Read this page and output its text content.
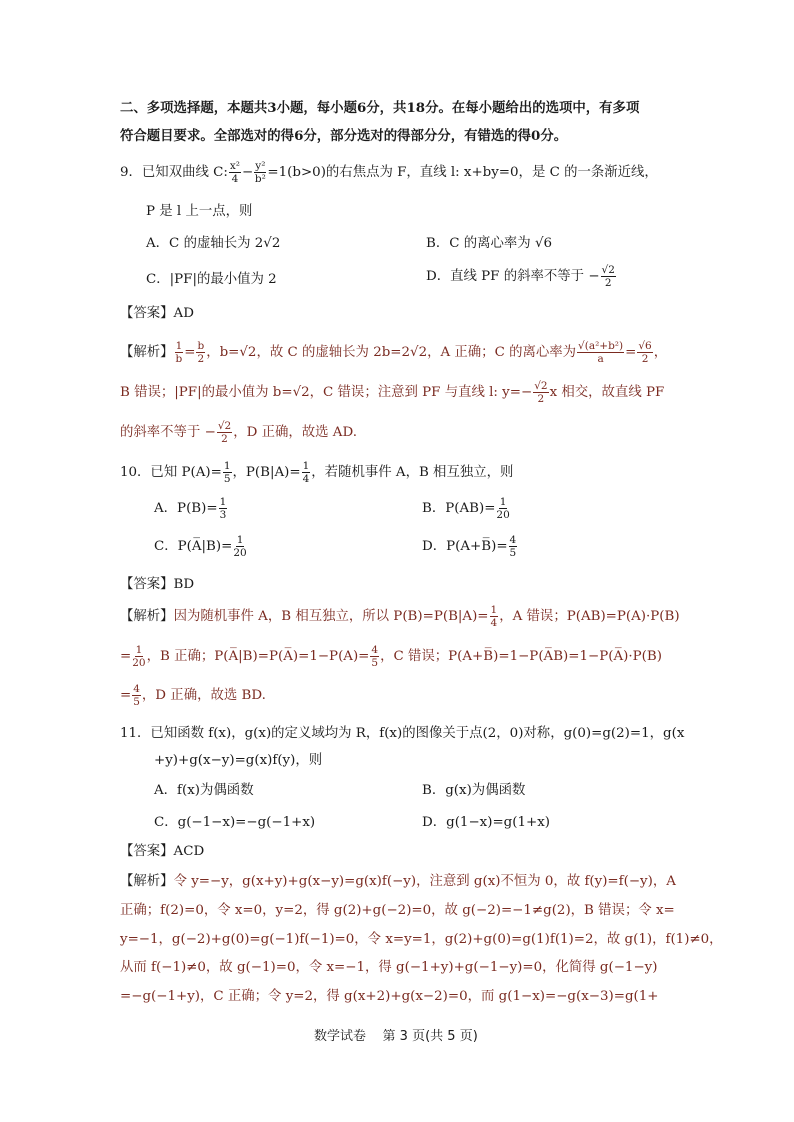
二、多项选择题，本题共3小题，每小题6分，共18分。在每小题给出的选项中，有多项
符合题目要求。全部选对的得6分，部分选对的得部分分，有错选的得0分。
9．已知双曲线 C: $\frac{\text{x²}}{4} - \frac{\text{y²}}{\text{b²}} =1(b>0)$的右焦点为 F，直线 l: x+by=0，是 C 的一条渐近线，
P 是 l 上一点，则
A．C 的虚轴长为 2√2	B．C 的离心率为 √6
C．|PF|的最小值为 2	D．直线 PF 的斜率不等于 − $\frac{√2}{2}$
【答案】AD
【解析】 $\frac{1}{b} = \frac{b}{2}$ ，b=√2，故 C 的虚轴长为 2b=2√2，A 正确；C 的离心率为 $\frac{\text{√(a²+b²)}}{a} = \frac{√6}{2}$ ，
B 错误；|PF|的最小值为 b=√2，C 错误；注意到 PF 与直线 l: $y=- \frac{√2}{2}$ x 相交，故直线 PF
的斜率不等于 − $\frac{√2}{2}$ ，D 正确，故选 AD.
10．已知 $P(A)= \frac{1}{5}$ ，$P(B|A)= \frac{1}{4}$ ，若随机事件 A，B 相互独立，则
A．$P(B)= \frac{1}{3}$	B．$P(AB)= \frac{1}{20}$
C．P(A̅|B)= $\frac{1}{20}$	D．P(A+B̅)= $\frac{4}{5}$
【答案】BD
【解析】因为随机事件 A，B 相互独立，所以 $P(B)=P(B|A)= \frac{1}{4}$ ，A 错误；P(AB)=P(A)·P(B)
= $\frac{1}{20}$ ，B 正确；P(A̅|B)=P(A̅)=1−P(A)= $\frac{4}{5}$ ，C 错误；P(A+B̅)=1−P(A̅B)=1−P(A̅)·P(B)
= $\frac{4}{5}$ ，D 正确，故选 BD.
11．已知函数 f(x)，g(x)的定义域均为 R，f(x)的图像关于点(2，0)对称，g(0)=g(2)=1，g(x
+y)+g(x−y)=g(x)f(y)，则
A．f(x)为偶函数	B．g(x)为偶函数
C．g(−1−x)=−g(−1+x)	D．g(1−x)=g(1+x)
【答案】ACD
【解析】令 y=−y，g(x+y)+g(x−y)=g(x)f(−y)，注意到 g(x)不恒为 0，故 f(y)=f(−y)，A
正确；f(2)=0，令 x=0，y=2，得 g(2)+g(−2)=0，故 g(−2)=−1≠g(2)，B 错误；令 x=
y=−1，g(−2)+g(0)=g(−1)f(−1)=0，令 x=y=1，g(2)+g(0)=g(1)f(1)=2，故 g(1)，f(1)≠0，
从而 f(−1)≠0，故 g(−1)=0，令 x=−1，得 g(−1+y)+g(−1−y)=0，化简得 g(−1−y)
=−g(−1+y)，C 正确；令 y=2，得 g(x+2)+g(x−2)=0，而 g(1−x)=−g(x−3)=g(1+
数学试卷 第 3 页(共 5 页)
